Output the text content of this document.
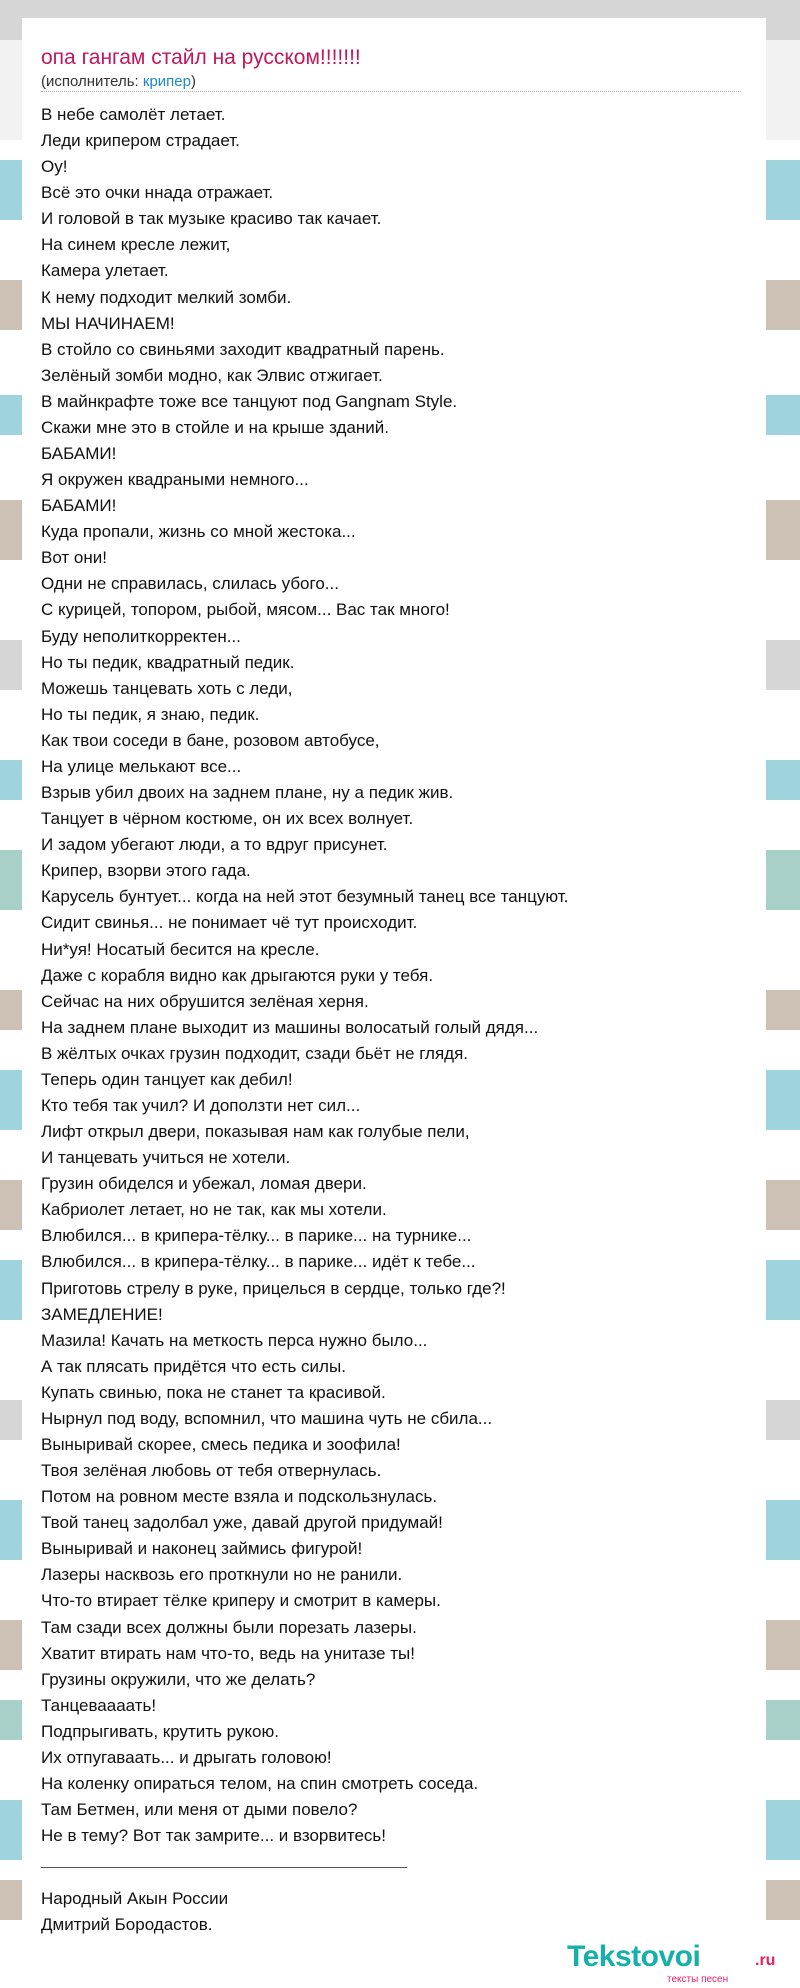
опа гангам стайл на русском!!!!!!!
(исполнитель: крипер)
В небе самолёт летает.
Леди крипером страдает.
Оу!
Всё это очки ннада отражает.
И головой в так музыке красиво так качает.
На синем кресле лежит,
Камера улетает.
К нему подходит мелкий зомби.
МЫ НАЧИНАЕМ!
В стойло со свиньями заходит квадратный парень.
Зелёный зомби модно, как Элвис отжигает.
В майнкрафте тоже все танцуют под Gangnam Style.
Скажи мне это в стойле и на крыше зданий.
БАБАМИ!
Я окружен квадраными немного...
БАБАМИ!
Куда пропали, жизнь со мной жестока...
Вот они!
Одни не справилась, слилась убого...
С курицей, топором, рыбой, мясом... Вас так много!
Буду неполиткорректен...
Но ты педик, квадратный педик.
Можешь танцевать хоть с леди,
Но ты педик, я знаю, педик.
Как твои соседи в бане, розовом автобусе,
На улице мелькают все...
Взрыв убил двоих на заднем плане, ну а педик жив.
Танцует в чёрном костюме, он их всех волнует.
И задом убегают люди, а то вдруг присунет.
Крипер, взорви этого гада.
Карусель бунтует... когда на ней этот безумный танец все танцуют.
Сидит свинья... не понимает чё тут происходит.
Ни*уя! Носатый бесится на кресле.
Даже с корабля видно как дрыгаются руки у тебя.
Сейчас на них обрушится зелёная херня.
На заднем плане выходит из машины волосатый голый дядя...
В жёлтых очках грузин подходит, сзади бьёт не глядя.
Теперь один танцует как дебил!
Кто тебя так учил? И доползти нет сил...
Лифт открыл двери, показывая нам как голубые пели,
И танцевать учиться не хотели.
Грузин обиделся и убежал, ломая двери.
Кабриолет летает, но не так, как мы хотели.
Влюбился... в крипера-тёлку... в парике... на турнике...
Влюбился... в крипера-тёлку... в парике... идёт к тебе...
Приготовь стрелу в руке, прицелься в сердце, только где?!
ЗАМЕДЛЕНИЕ!
Мазила! Качать на меткость перса нужно было...
А так плясать придётся что есть силы.
Купать свинью, пока не станет та красивой.
Нырнул под воду, вспомнил, что машина чуть не сбила...
Выныривай скорее, смесь педика и зоофила!
Твоя зелёная любовь от тебя отвернулась.
Потом на ровном месте взяла и подскользнулась.
Твой танец задолбал уже, давай другой придумай!
Выныривай и наконец займись фигурой!
Лазеры насквозь его проткнули но не ранили.
Что-то втирает тёлке криперу и смотрит в камеры.
Там сзади всех должны были порезать лазеры.
Хватит втирать нам что-то, ведь на унитазе ты!
Грузины окружили, что же делать?
Танцеваааать!
Подпрыгивать, крутить рукою.
Их отпугаваать... и дрыгать головою!
На коленку опираться телом, на спин смотреть соседа.
Там Бетмен, или меня от дыми повело?
Не в тему? Вот так замрите... и взорвитесь!
Народный Акын России
Дмитрий Бородастов.
Tekstovoi	.ru
тексты песен
